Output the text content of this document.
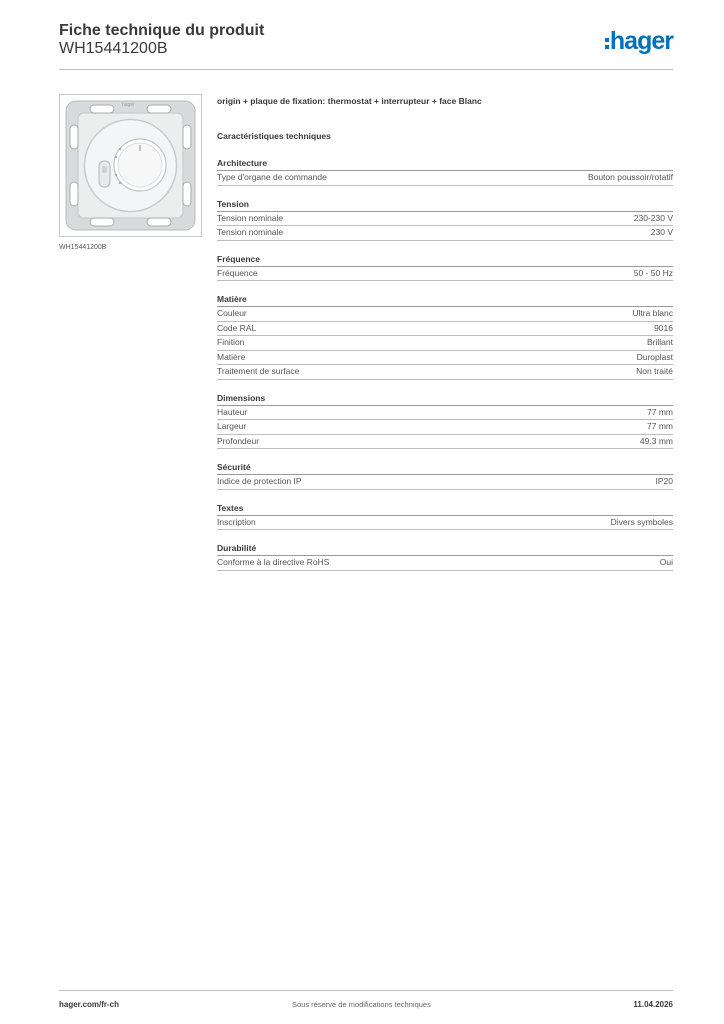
Fiche technique du produit
WH15441200B	hager
hager
WH15441200B
origin + plaque de fixation: thermostat + interrupteur + face Blanc
Caractéristiques techniques
Architecture
Type d'organe de commande	Bouton poussoir/rotatif
Tension
Tension nominale	230-230 V
Tension nominale	230 V
Fréquence
Fréquence	50 - 50 Hz
Matière
Couleur	Ultra blanc
Code RAL	9016
Finition	Brillant
Matière	Duroplast
Traitement de surface	Non traité
Dimensions
Hauteur	77 mm
Largeur	77 mm
Profondeur	49.3 mm
Sécurité
Indice de protection IP	IP20
Textes
Inscription	Divers symboles
Durabilité
Conforme à la directive RoHS	Oui
hager.com/fr-ch	Sous réserve de modifications techniques	11.04.2026
